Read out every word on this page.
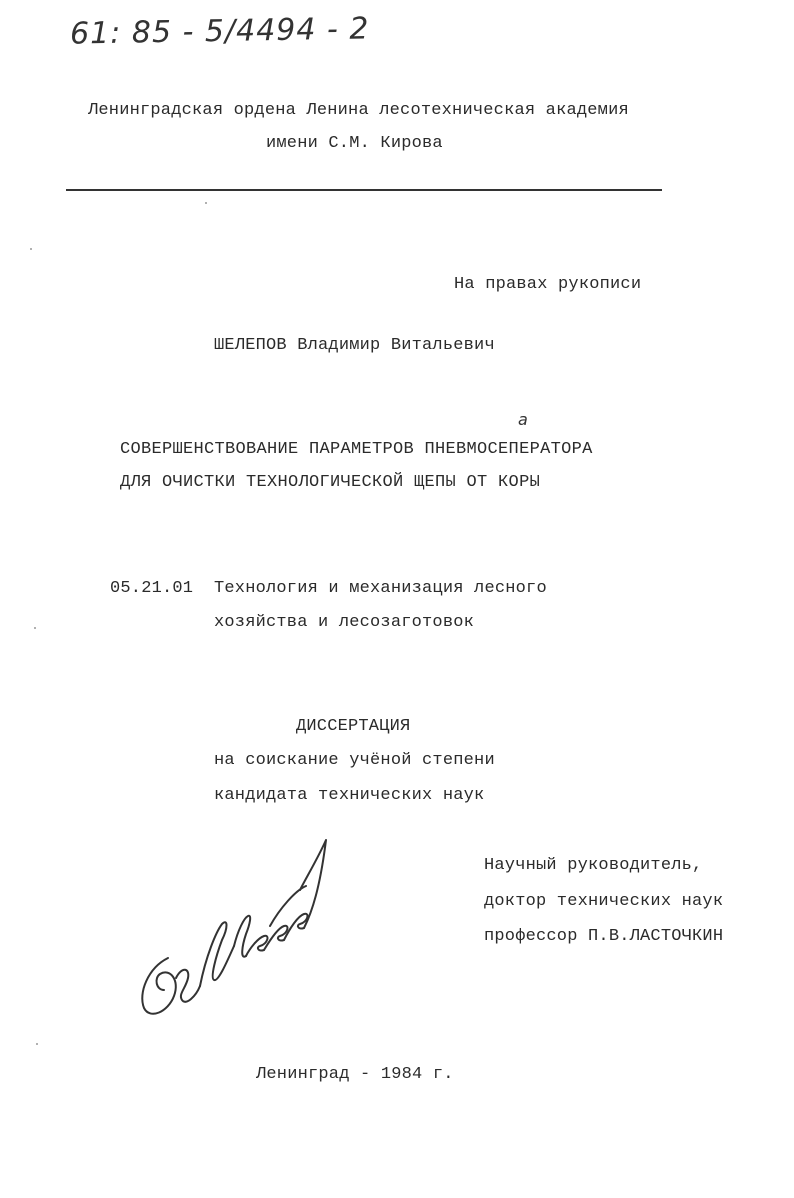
61: 85 - 5/4494 - 2
Ленинградская ордена Ленина лесотехническая академия
имени С.М. Кирова
На правах рукописи
ШЕЛЕПОВ Владимир Витальевич
а
СОВЕРШЕНСТВОВАНИЕ ПАРАМЕТРОВ ПНЕВМОСЕПЕРАТОРА
ДЛЯ ОЧИСТКИ ТЕХНОЛОГИЧЕСКОЙ ЩЕПЫ ОТ КОРЫ
05.21.01 Технология и механизация лесного
хозяйства и лесозаготовок
ДИССЕРТАЦИЯ
на соискание учёной степени
кандидата технических наук
Научный руководитель,
доктор технических наук
профессор П.В.ЛАСТОЧКИН
Ленинград - 1984 г.
